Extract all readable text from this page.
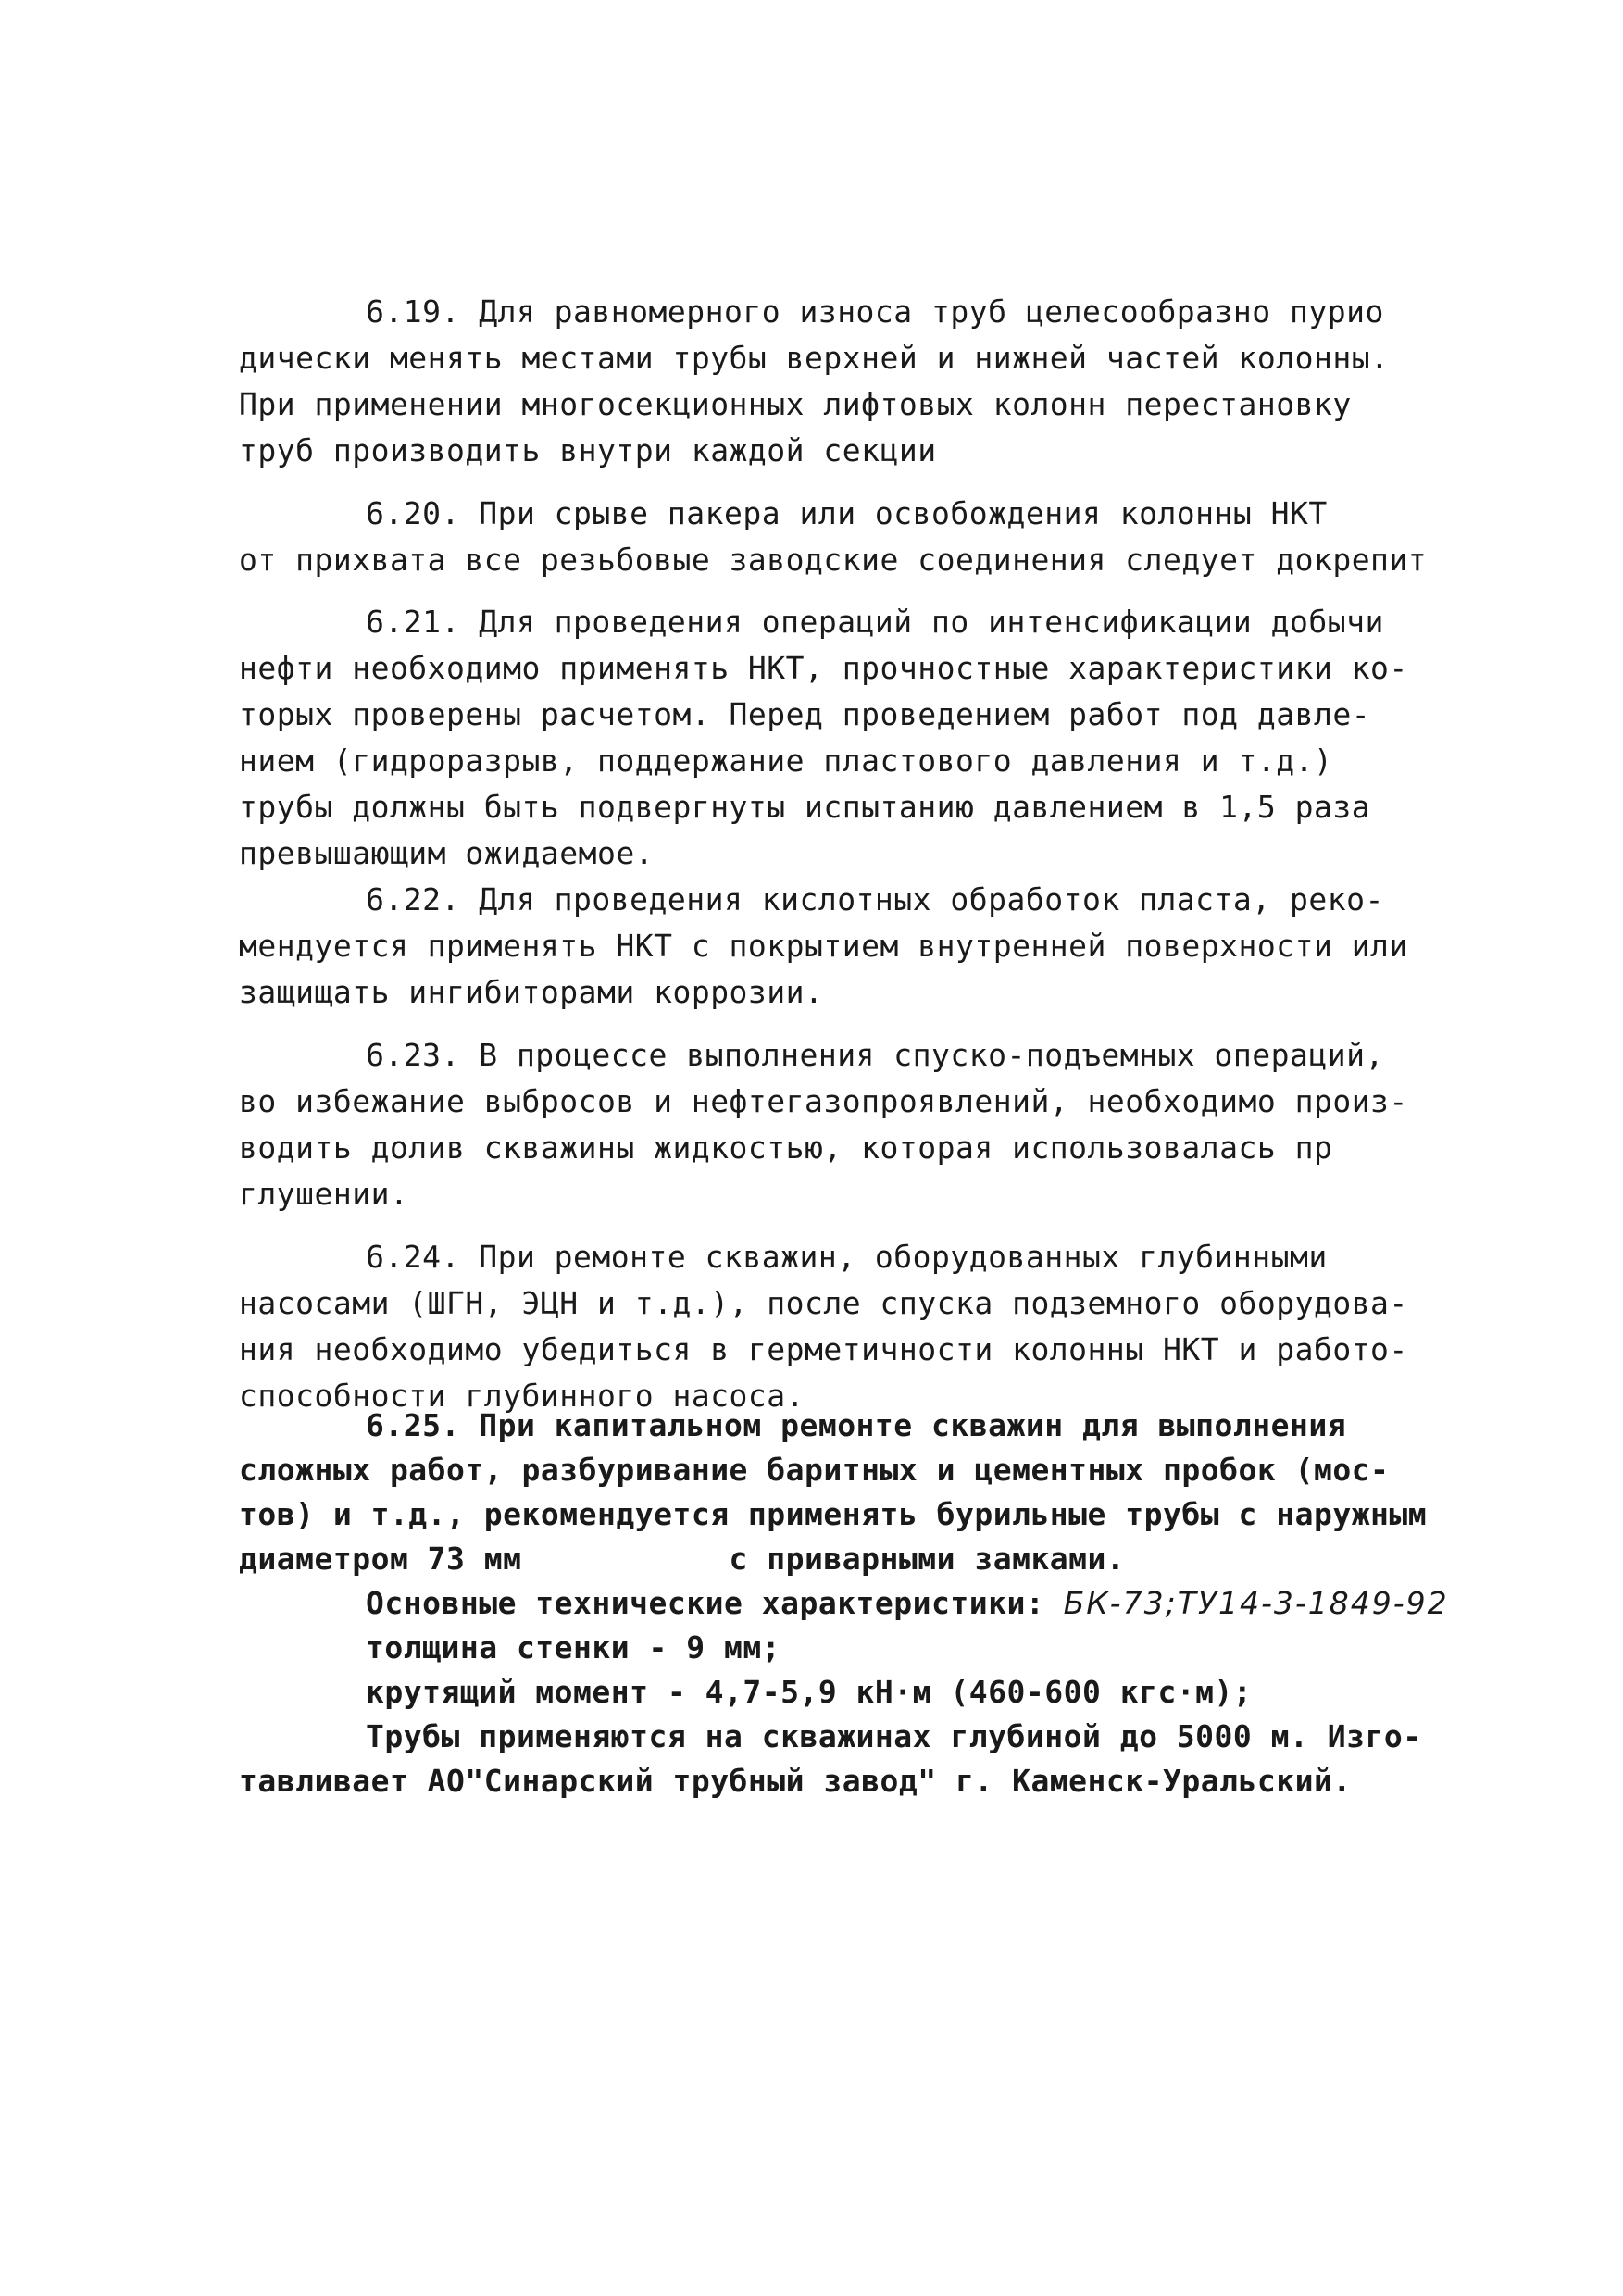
6.19. Для равномерного износа труб целесообразно пурио
дически менять местами трубы верхней и нижней частей колонны.
При применении многосекционных лифтовых колонн перестановку
труб производить внутри каждой секции
6.20. При срыве пакера или освобождения колонны НКТ
от прихвата все резьбовые заводские соединения следует докрепит
6.21. Для проведения операций по интенсификации добычи
нефти необходимо применять НКТ, прочностные характеристики ко-
торых проверены расчетом. Перед проведением работ под давле-
нием (гидроразрыв, поддержание пластового давления и т.д.)
трубы должны быть подвергнуты испытанию давлением в 1,5 раза
превышающим ожидаемое.
6.22. Для проведения кислотных обработок пласта, реко-
мендуется применять НКТ с покрытием внутренней поверхности или
защищать ингибиторами коррозии.
6.23. В процессе выполнения спуско-подъемных операций,
во избежание выбросов и нефтегазопроявлений, необходимо произ-
водить долив скважины жидкостью, которая использовалась пр
глушении.
6.24. При ремонте скважин, оборудованных глубинными
насосами (ШГН, ЭЦН и т.д.), после спуска подземного оборудова-
ния необходимо убедиться в герметичности колонны НКТ и работо-
способности глубинного насоса.
6.25. При капитальном ремонте скважин для выполнения
сложных работ, разбуривание баритных и цементных пробок (мос-
тов) и т.д., рекомендуется применять бурильные трубы с наружным
диаметром 73 мм           с приварными замками.
Основные технические характеристики: БК-73;ТУ14-3-1849-92
толщина стенки - 9 мм;
крутящий момент - 4,7-5,9 кН·м (460-600 кгс·м);
Трубы применяются на скважинах глубиной до 5000 м. Изго-
тавливает АО"Синарский трубный завод" г. Каменск-Уральский.
